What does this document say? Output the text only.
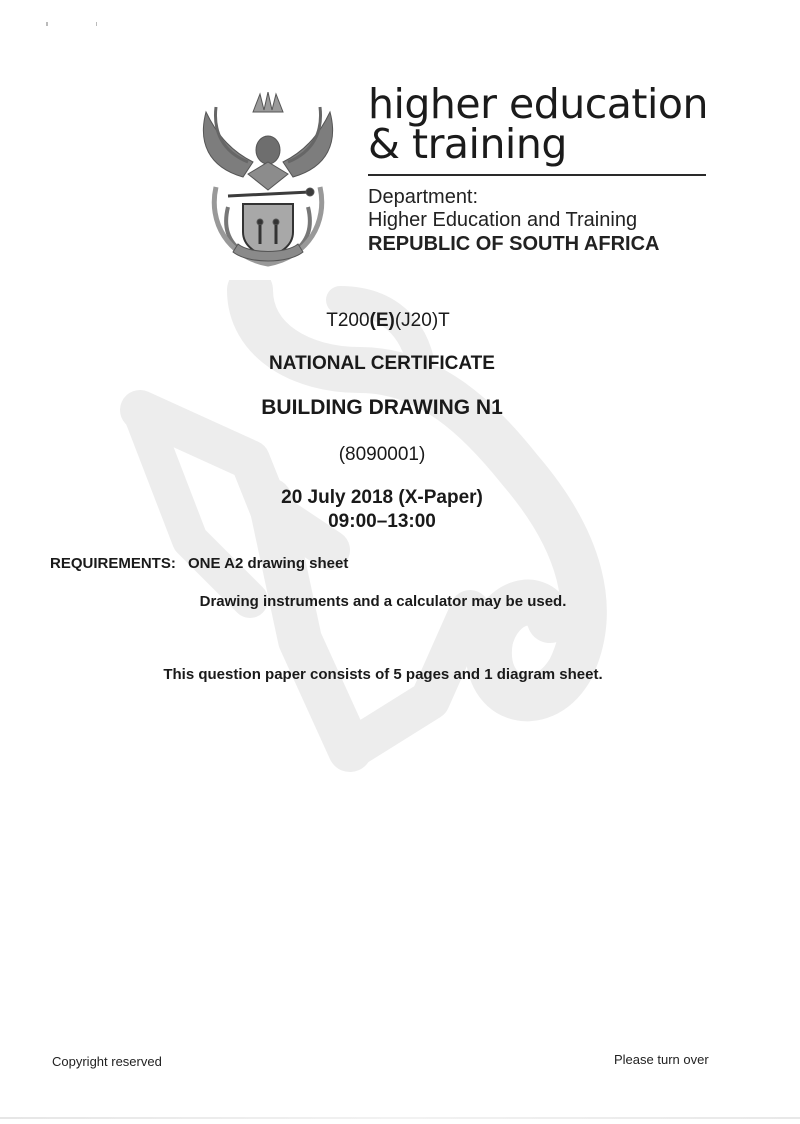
higher education
& training
Department:
Higher Education and Training
REPUBLIC OF SOUTH AFRICA
T200(E)(J20)T
NATIONAL CERTIFICATE
BUILDING DRAWING N1
(8090001)
20 July 2018 (X-Paper)
09:00–13:00
REQUIREMENTS: ONE A2 drawing sheet
Drawing instruments and a calculator may be used.
This question paper consists of 5 pages and 1 diagram sheet.
Copyright reserved	Please turn over
